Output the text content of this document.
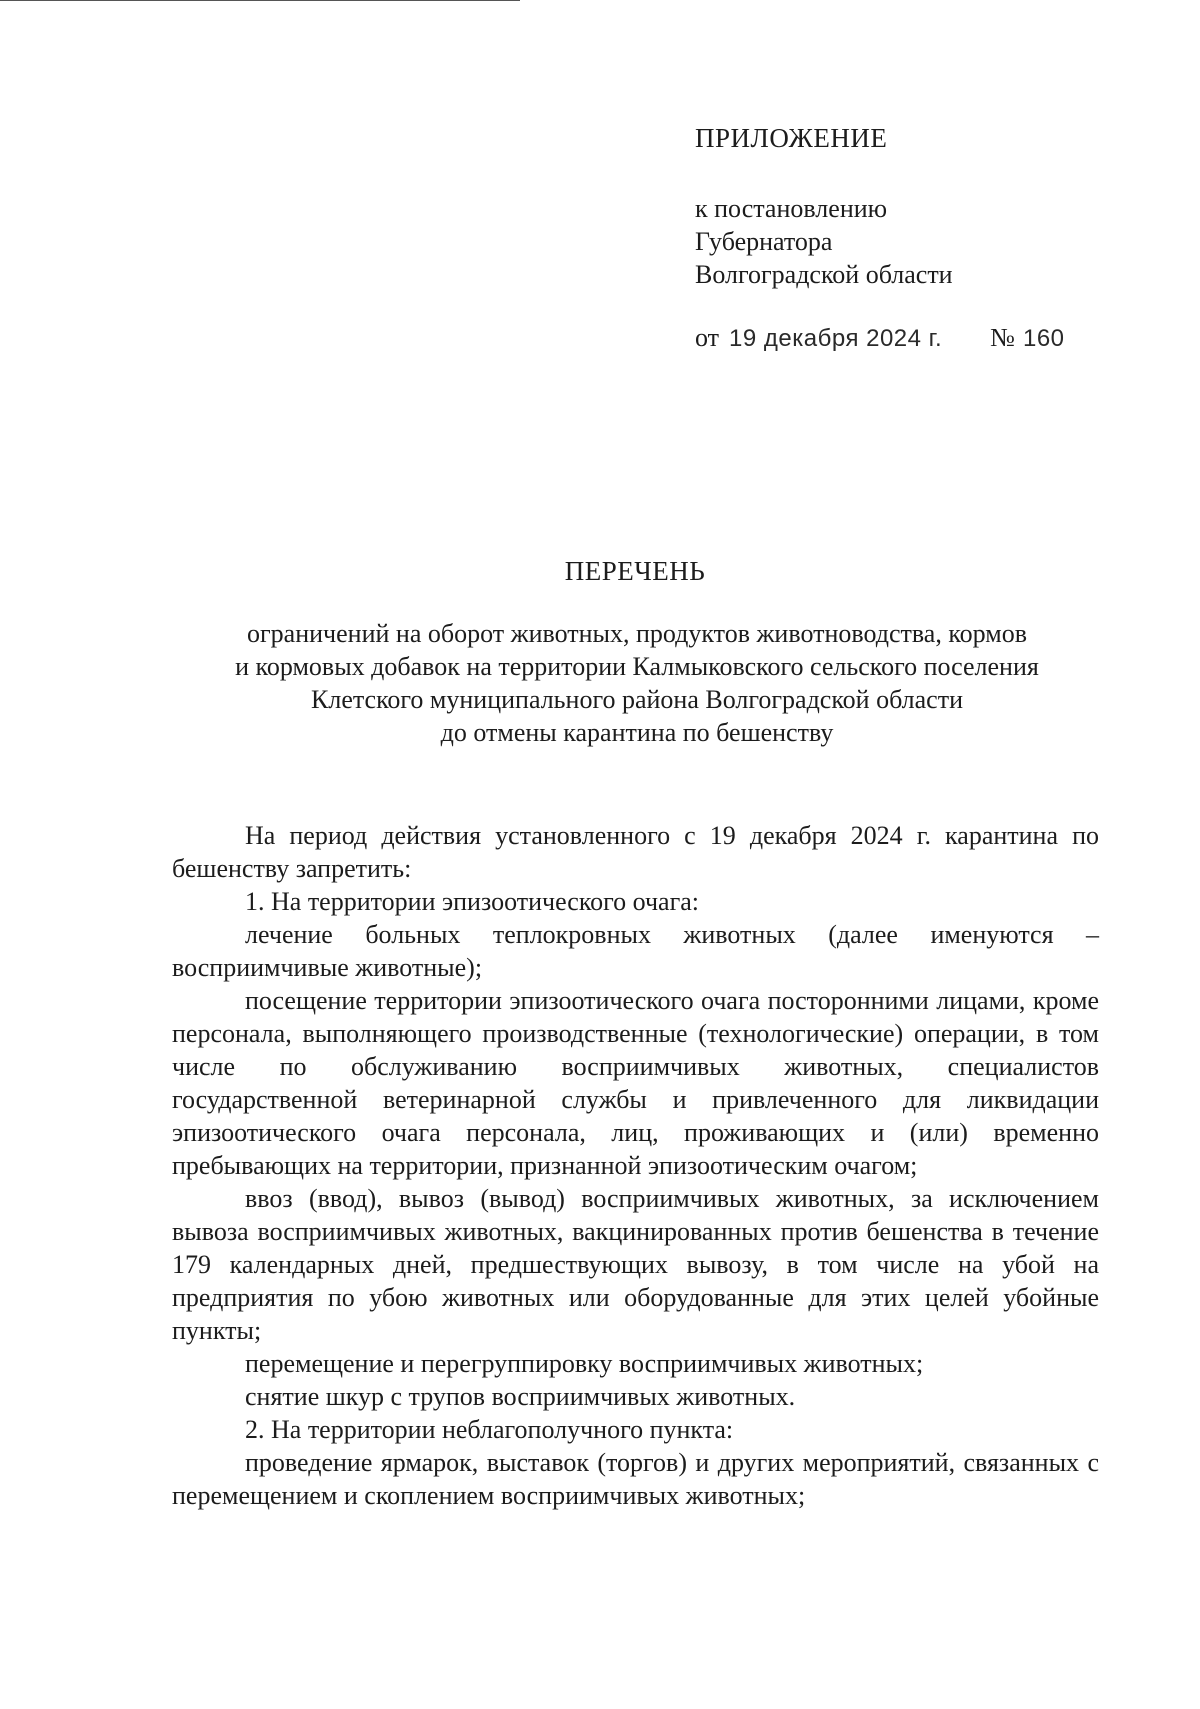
ПРИЛОЖЕНИЕ
к постановлению
Губернатора
Волгоградской области
от 19 декабря 2024 г. № 160
ПЕРЕЧЕНЬ
ограничений на оборот животных, продуктов животноводства, кормов
и кормовых добавок на территории Калмыковского сельского поселения
Клетского муниципального района Волгоградской области
до отмены карантина по бешенству

На период действия установленного с 19 декабря 2024 г. карантина по бешенству запретить:

1. На территории эпизоотического очага:

лечение больных теплокровных животных (далее именуются – восприимчивые животные);

посещение территории эпизоотического очага посторонними лицами, кроме персонала, выполняющего производственные (технологические) операции, в том числе по обслуживанию восприимчивых животных, специалистов государственной ветеринарной службы и привлеченного для ликвидации эпизоотического очага персонала, лиц, проживающих и (или) временно пребывающих на территории, признанной эпизоотическим очагом;

ввоз (ввод), вывоз (вывод) восприимчивых животных, за исключением вывоза восприимчивых животных, вакцинированных против бешенства в течение 179 календарных дней, предшествующих вывозу, в том числе на убой на предприятия по убою животных или оборудованные для этих целей убойные пункты;

перемещение и перегруппировку восприимчивых животных;

снятие шкур с трупов восприимчивых животных.

2. На территории неблагополучного пункта:

проведение ярмарок, выставок (торгов) и других мероприятий, связанных с перемещением и скоплением восприимчивых животных;
